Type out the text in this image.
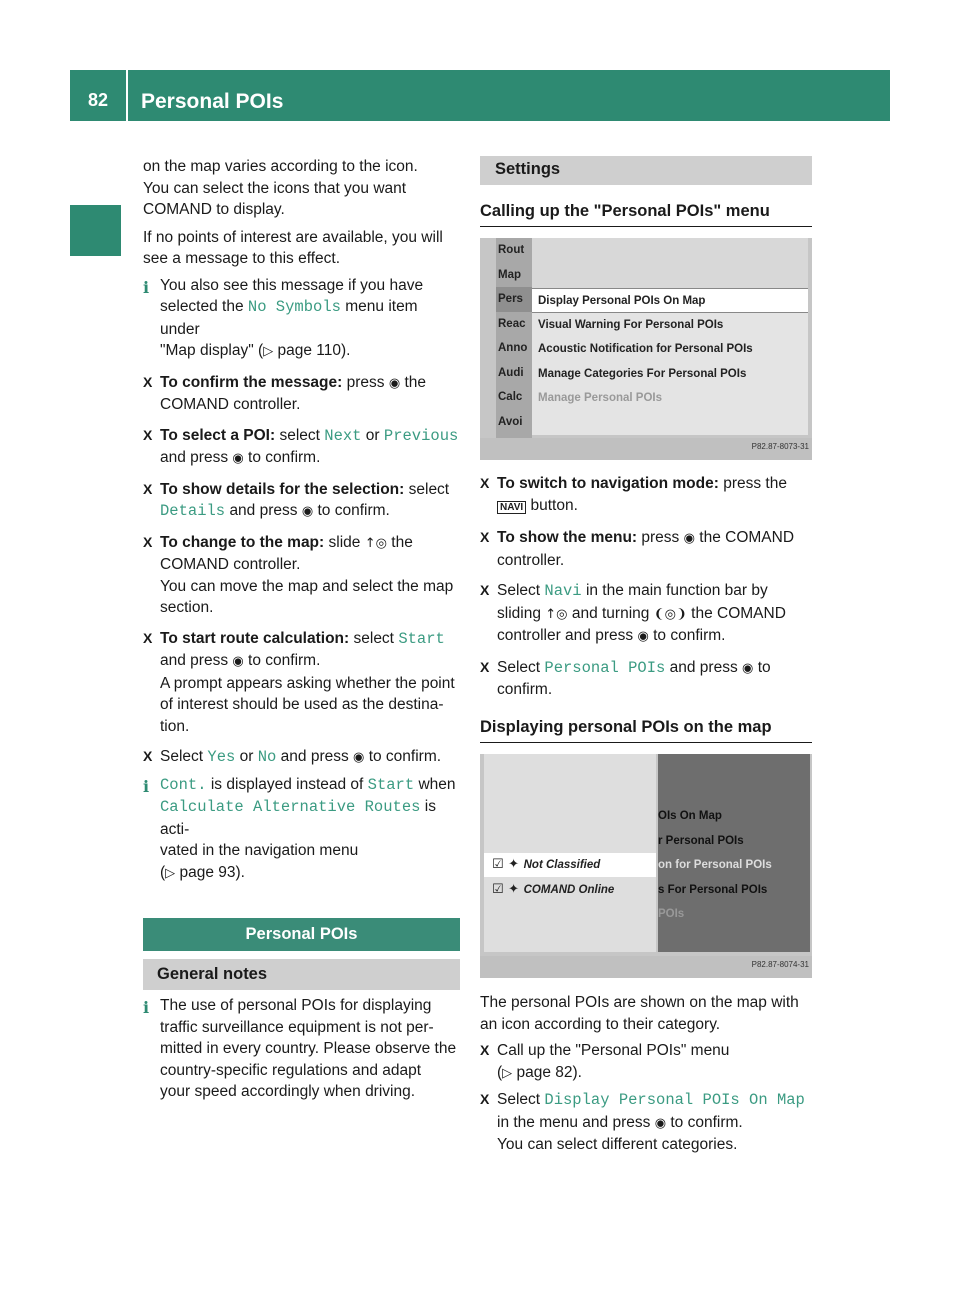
82 Personal POIs
Navigation

on the map varies according to the icon.

You can select the icons that you want

COMAND to display.

If no points of interest are available, you will

see a message to this effect.

i You also see this message if you have

selected the No Symbols menu item under

"Map display" (▷ page 110).

X To confirm the message: press ◉ the

COMAND controller.

X To select a POI: select Next or Previous

and press ◉ to confirm.

X To show details for the selection: select

Details and press ◉ to confirm.

X To change to the map: slide ↑◎ the

COMAND controller.

You can move the map and select the map

section.

X To start route calculation: select Start

and press ◉ to confirm.

A prompt appears asking whether the point

of interest should be used as the destina-

tion.

X Select Yes or No and press ◉ to confirm.

i Cont. is displayed instead of Start when

Calculate Alternative Routes is acti-

vated in the navigation menu

(▷ page 93).

Personal POIs
General notes
i The use of personal POIs for displaying

traffic surveillance equipment is not per-

mitted in every country. Please observe the

country-specific regulations and adapt

your speed accordingly when driving.

Settings
Calling up the "Personal POIs" menu
Rout
Map
Pers
Reac
Anno
Audi
Calc
Avoi
Display Personal POIs On Map
Visual Warning For Personal POIs
Acoustic Notification for Personal POIs
Manage Categories For Personal POIs
Manage Personal POIs
P82.87-8073-31
X To switch to navigation mode: press the

NAVI button.

X To show the menu: press ◉ the COMAND

controller.

X Select Navi in the main function bar by

sliding ↑◎ and turning ❨◎❩ the COMAND

controller and press ◉ to confirm.

X Select Personal POIs and press ◉ to

confirm.

Displaying personal POIs on the map
☑ ✦ Not Classified
☑ ✦ COMAND Online
OIs On Map
r Personal POIs
on for Personal POIs
s For Personal POIs
POIs
P82.87-8074-31

The personal POIs are shown on the map with

an icon according to their category.

X Call up the "Personal POIs" menu

(▷ page 82).

X Select Display Personal POIs On Map

in the menu and press ◉ to confirm.

You can select different categories.
